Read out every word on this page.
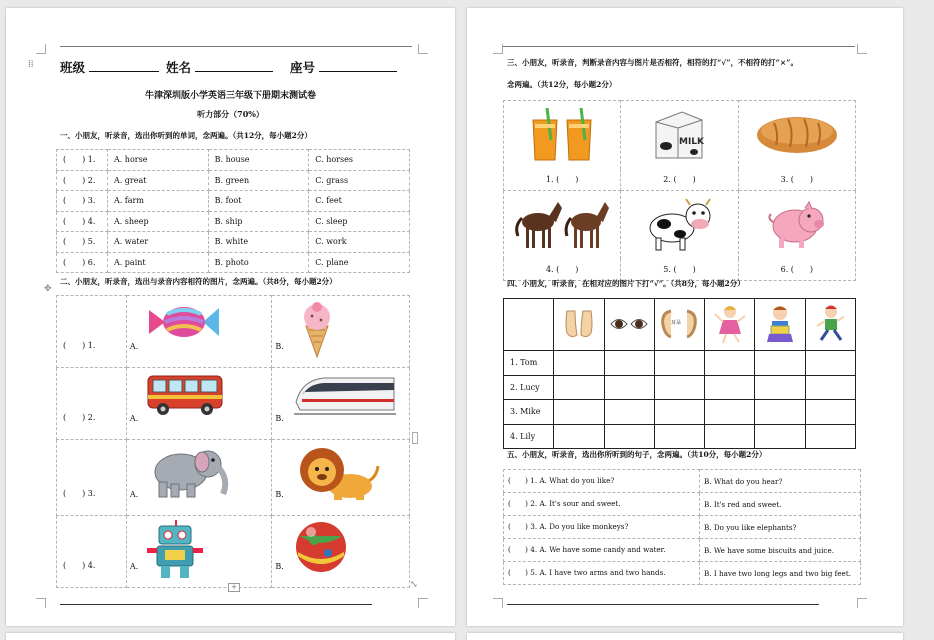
⁞⁞ 班级	姓名	座号
牛津深圳版小学英语三年级下册期末测试卷
听力部分（70%）
一、小朋友，听录音，选出你听到的单词，念两遍。（共12分，每小题2分）
(　　) 1.	A. horse	B. house	C. horses
(　　) 2.	A. great	B. green	C. grass
(　　) 3.	A. farm	B. foot	C. feet
(　　) 4.	A. sheep	B. ship	C. sleep
(　　) 5.	A. water	B. white	C. work
(　　) 6.	A. paint	B. photo	C. plane
✥
二、小朋友，听录音，选出与录音内容相符的图片，念两遍。（共8分，每小题2分）
(　　) 1.	A.	B.

(　　) 2.	A.	B.

(　　) 3.	A.	B.

(　　) 4.	A.	B.
+	⤡
三、小朋友，听录音，判断录音内容与图片是否相符，相符的打“√”，不相符的打“×”。
念两遍。（共12分，每小题2分）

MILK

1. (　　)	2. (　　)	3. (　　)

4. (　　)	5. (　　)	6. (　　)
四、小朋友，听录音，在相对应的图片下打“√”。（共8分，每小题2分）

耳朵

1. Tom						
2. Lucy						
3. Mike						
4. Lily						
五、小朋友，听录音，选出你所听到的句子，念两遍。（共10分，每小题2分）
(　　) 1. A. What do you like?	B. What do you hear?
(　　) 2. A. It's sour and sweet.	B. It's red and sweet.
(　　) 3. A. Do you like monkeys?	B. Do you like elephants?
(　　) 4. A. We have some candy and water.	B. We have some biscuits and juice.
(　　) 5. A. I have two arms and two hands.	B. I have two long legs and two big feet.
